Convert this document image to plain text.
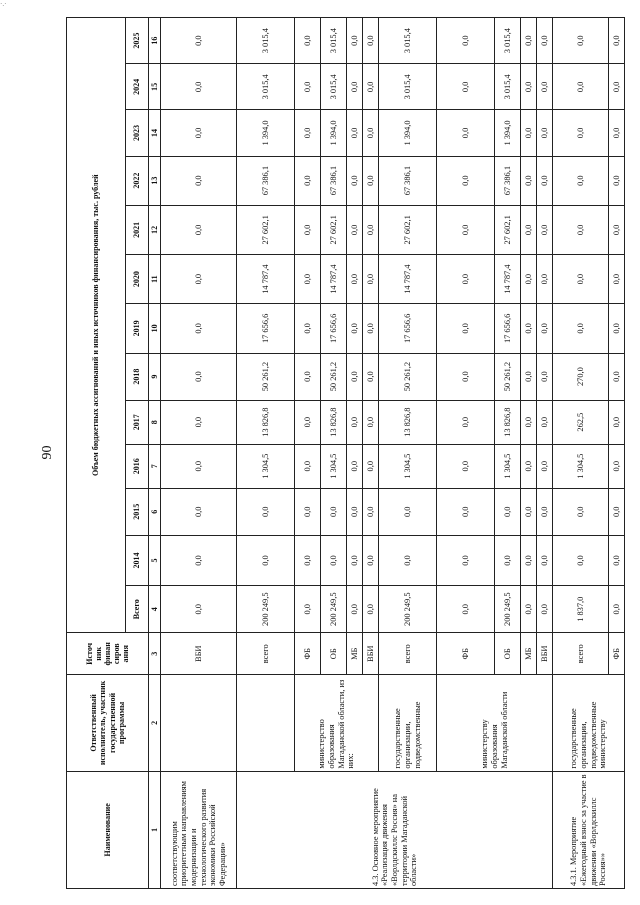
·.·
90
Наименование	Ответственный исполнитель, участник государственной программы	Источ ник финан сиров ания	Объем бюджетных ассигнований и иных источников финансирования, тыс. рублей												
			Всего	2014	2015	2016	2017	2018	2019	2020	2021	2022	2023	2024	2025
1	2	3	4	5	6	7	8	9	10	11	12	13	14	15	16
соответствующим приоритетным направлениям модернизации и технологического развития экономики Российской Федерации»		ВБИ	0,0	0,0	0,0	0,0	0,0	0,0	0,0	0,0	0,0	0,0	0,0	0,0	0,0
4.3. Основное мероприятие «Реализация движения «Ворлдскиллс Россия» на территории Магаданской области»		всего	200 249,5	0,0	0,0	1 304,5	13 826,8	50 261,2	17 656,6	14 787,4	27 602,1	67 386,1	1 394,0	3 015,4	3 015,4
	министерство образования Магаданской области, из них:	ФБ	0,0	0,0	0,0	0,0	0,0	0,0	0,0	0,0	0,0	0,0	0,0	0,0	0,0
		ОБ	200 249,5	0,0	0,0	1 304,5	13 826,8	50 261,2	17 656,6	14 787,4	27 602,1	67 386,1	1 394,0	3 015,4	3 015,4
		МБ	0,0	0,0	0,0	0,0	0,0	0,0	0,0	0,0	0,0	0,0	0,0	0,0	0,0
		ВБИ	0,0	0,0	0,0	0,0	0,0	0,0	0,0	0,0	0,0	0,0	0,0	0,0	0,0
	государственные организации, подведомственные	всего	200 249,5	0,0	0,0	1 304,5	13 826,8	50 261,2	17 656,6	14 787,4	27 602,1	67 386,1	1 394,0	3 015,4	3 015,4
	министерству образования Магаданской области	ФБ	0,0	0,0	0,0	0,0	0,0	0,0	0,0	0,0	0,0	0,0	0,0	0,0	0,0
		ОБ	200 249,5	0,0	0,0	1 304,5	13 826,8	50 261,2	17 656,6	14 787,4	27 602,1	67 386,1	1 394,0	3 015,4	3 015,4
		МБ	0,0	0,0	0,0	0,0	0,0	0,0	0,0	0,0	0,0	0,0	0,0	0,0	0,0
		ВБИ	0,0	0,0	0,0	0,0	0,0	0,0	0,0	0,0	0,0	0,0	0,0	0,0	0,0
4.3.1. Мероприятие «Ежегодный взнос за участие в движении «Ворлдскиллс Россия»»	государственные организации, подведомственные министерству	всего	1 837,0	0,0	0,0	1 304,5	262,5	270,0	0,0	0,0	0,0	0,0	0,0	0,0	0,0
		ФБ	0,0	0,0	0,0	0,0	0,0	0,0	0,0	0,0	0,0	0,0	0,0	0,0	0,0
